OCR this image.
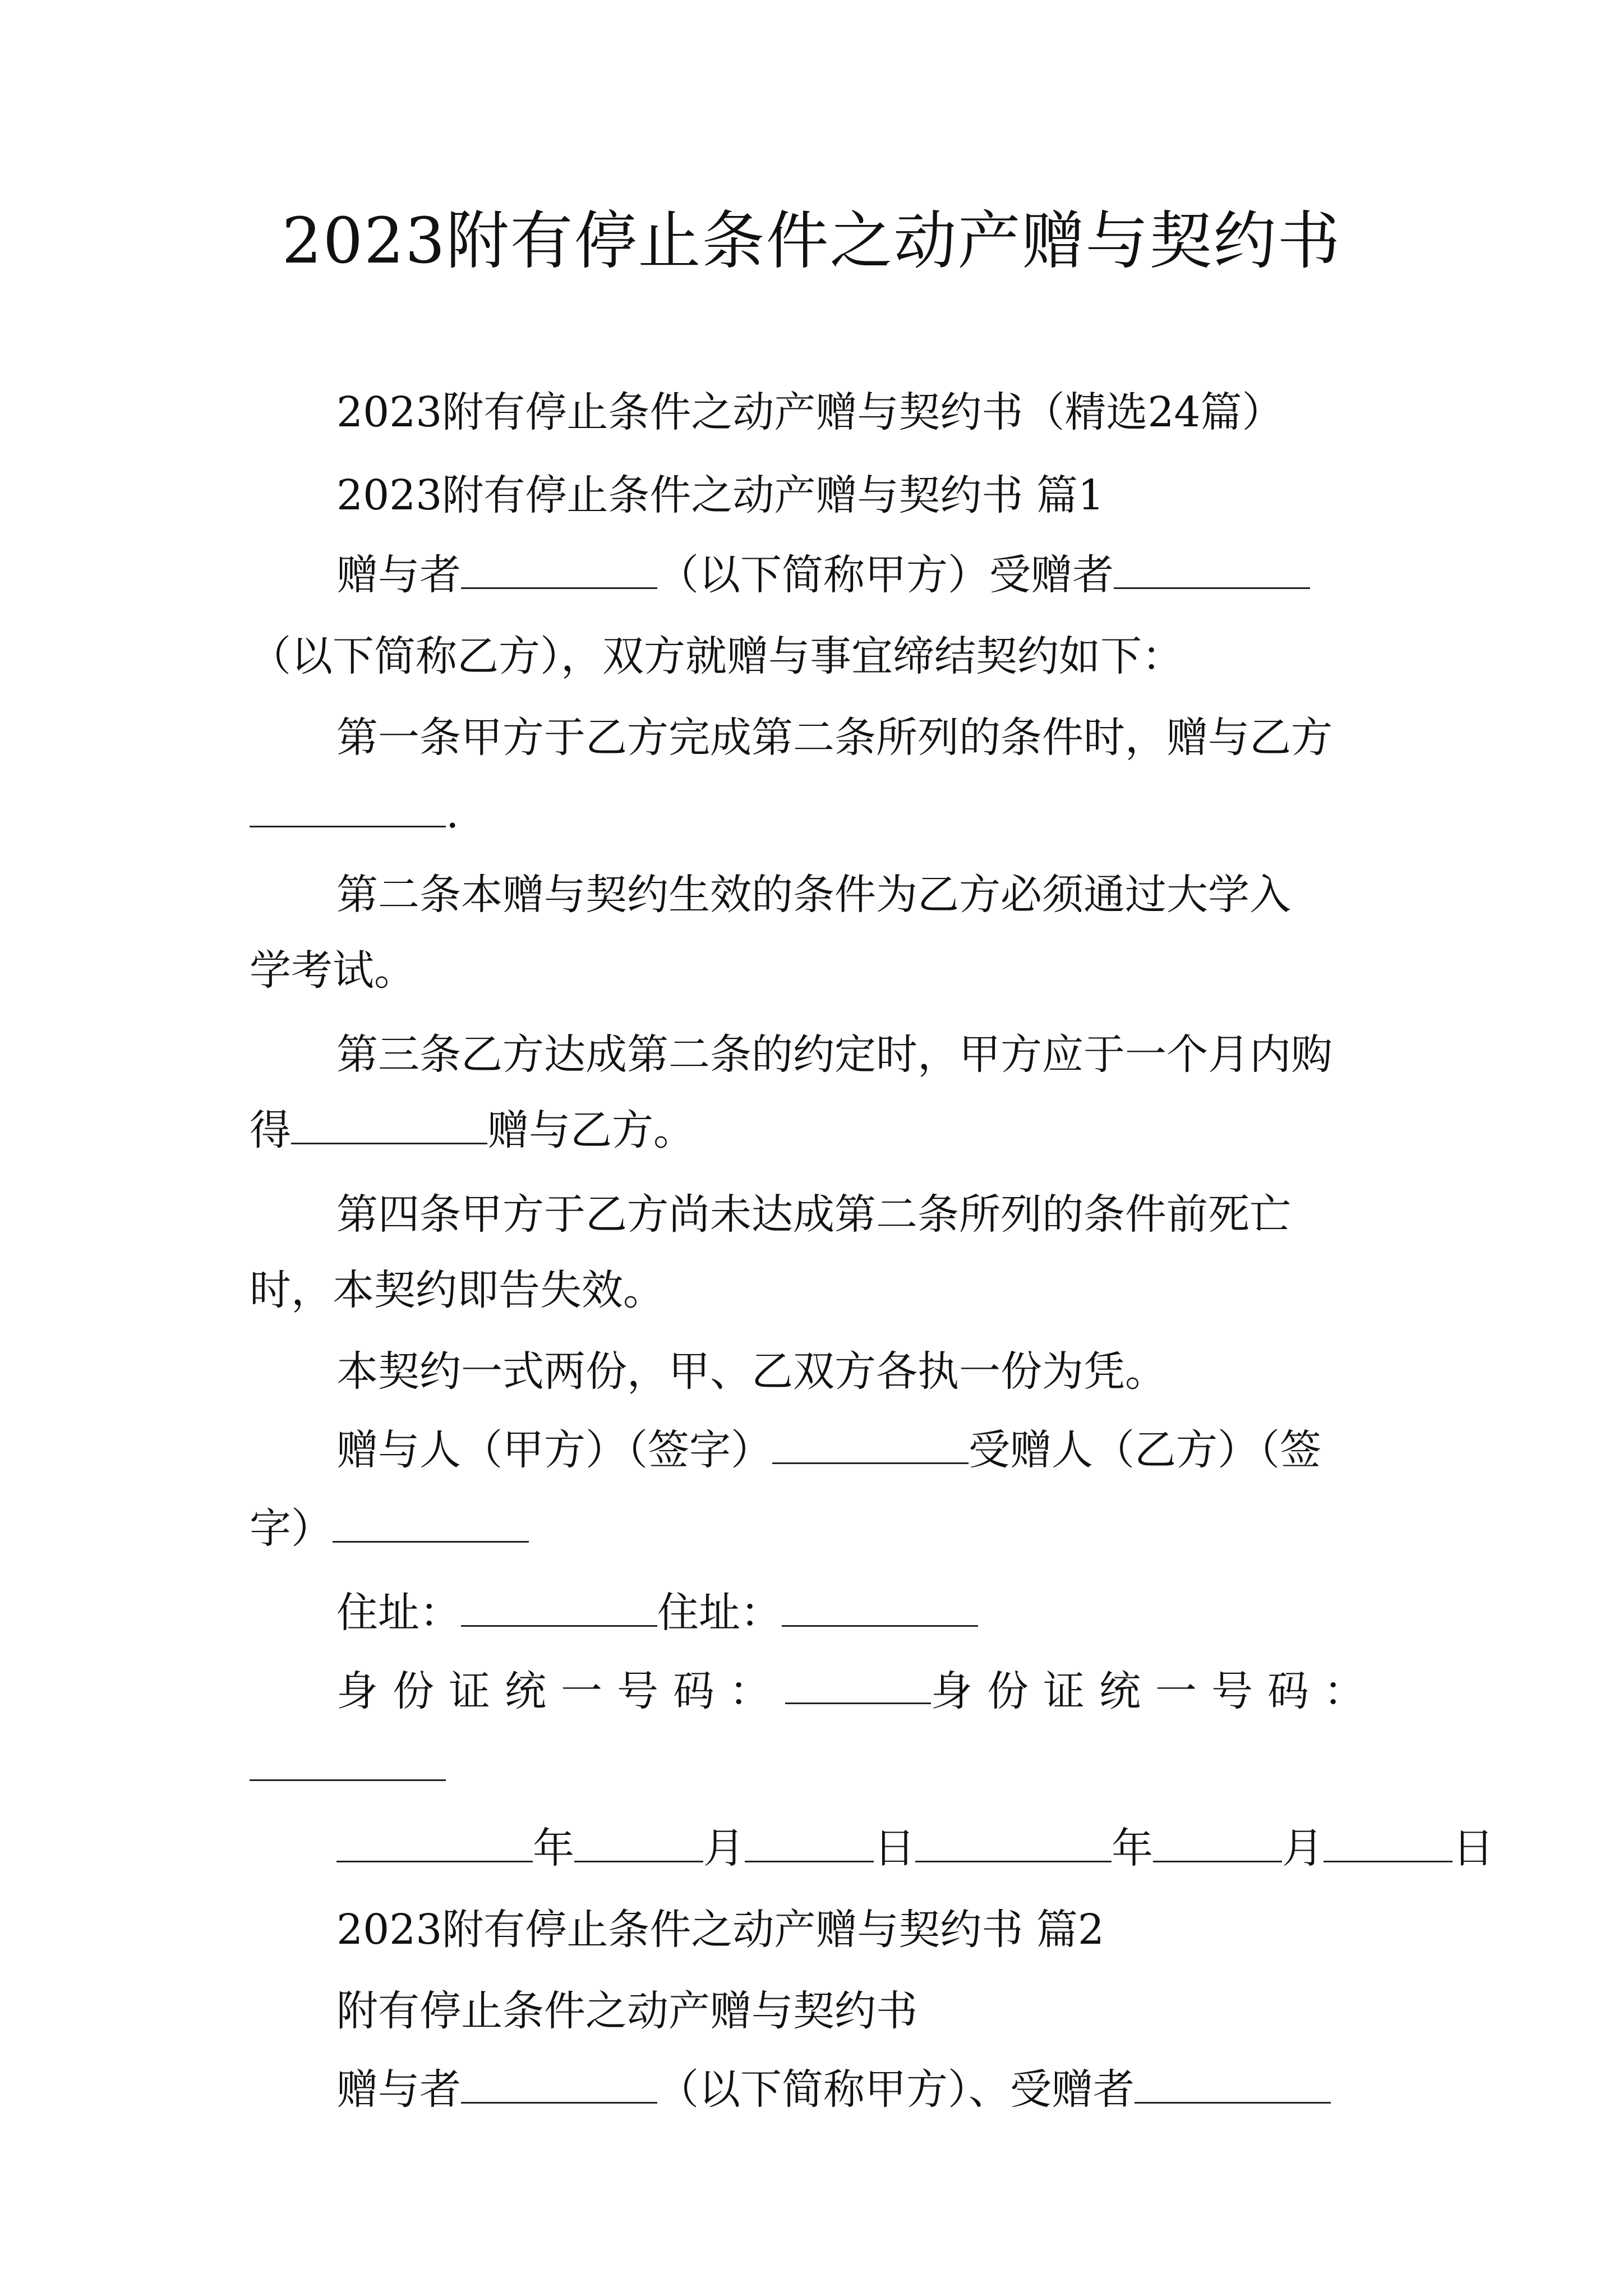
2023附有停止条件之动产赠与契约书
2023附有停止条件之动产赠与契约书（精选24篇）
2023附有停止条件之动产赠与契约书 篇1
赠与者	（以下简称甲方）受赠者
（以下简称乙方），双方就赠与事宜缔结契约如下：
第一条甲方于乙方完成第二条所列的条件时，赠与乙方
.
第二条本赠与契约生效的条件为乙方必须通过大学入
学考试。
第三条乙方达成第二条的约定时，甲方应于一个月内购
得	赠与乙方。
第四条甲方于乙方尚未达成第二条所列的条件前死亡
时，本契约即告失效。
本契约一式两份，甲、乙双方各执一份为凭。
赠与人（甲方）（签字）	受赠人（乙方）（签
字）
住址：	住址：
身份证统一号码：	身份证统一号码：
年	月	日	年	月	日
2023附有停止条件之动产赠与契约书 篇2
附有停止条件之动产赠与契约书
赠与者	（以下简称甲方）、受赠者
